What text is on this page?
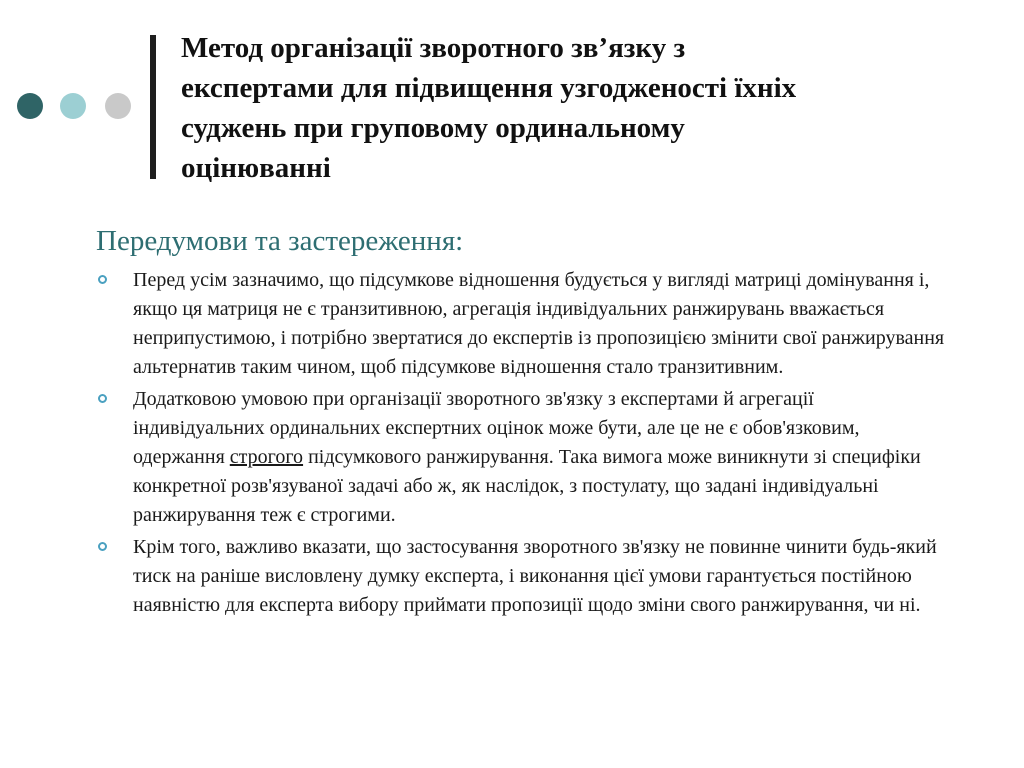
Метод організації зворотного зв’язку з
експертами для підвищення узгодженості їхніх
суджень при груповому ординальному
оцінюванні
Передумови та застереження:
Перед усім зазначимо, що підсумкове відношення будується у вигляді матриці домінування і, якщо ця матриця не є транзитивною, агрегація індивідуальних ранжирувань вважається неприпустимою, і потрібно звертатися до експертів із пропозицією змінити свої ранжирування альтернатив таким чином, щоб підсумкове відношення стало транзитивним.
Додатковою умовою при організації зворотного зв'язку з експертами й агрегації індивідуальних ординальних експертних оцінок може бути, але це не є обов'язковим, одержання строгого підсумкового ранжирування. Така вимога може виникнути зі специфіки конкретної розв'язуваної задачі або ж, як наслідок, з постулату, що задані індивідуальні ранжирування теж є строгими.
Крім того, важливо вказати, що застосування зворотного зв'язку не повинне чинити будь-який тиск на раніше висловлену думку експерта, і виконання цієї умови гарантується постійною наявністю для експерта вибору приймати пропозиції щодо зміни свого ранжирування, чи ні.
